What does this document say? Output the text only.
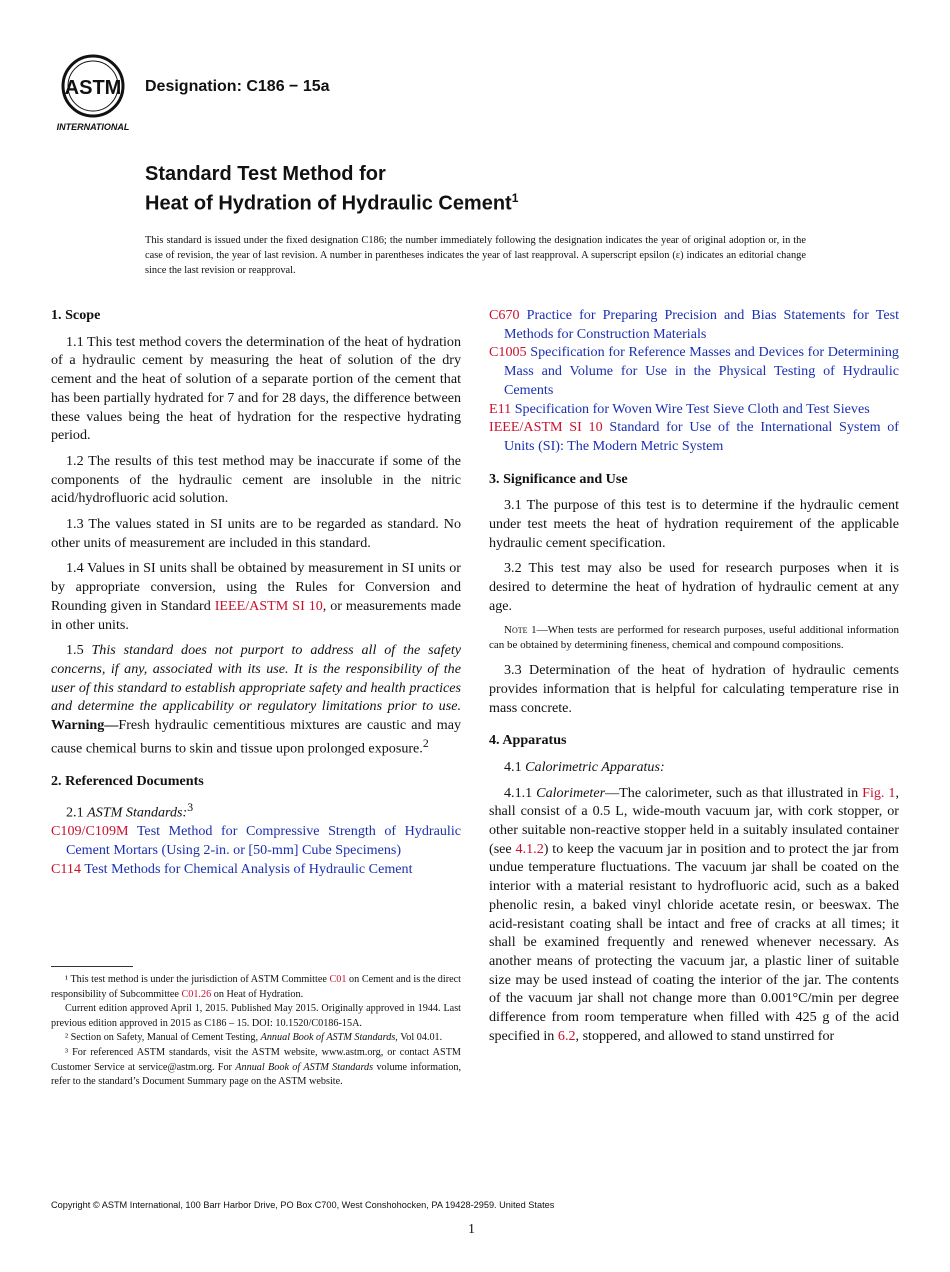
ASTM
INTERNATIONAL
Designation: C186 − 15a
Standard Test Method for
Heat of Hydration of Hydraulic Cement$^1$
This standard is issued under the fixed designation C186; the number immediately following the designation indicates the year of original adoption or, in the case of revision, the year of last revision. A number in parentheses indicates the year of last reapproval. A superscript epsilon (ε) indicates an editorial change since the last revision or reapproval.
1. Scope

1.1 This test method covers the determination of the heat of hydration of a hydraulic cement by measuring the heat of solution of the dry cement and the heat of solution of a separate portion of the cement that has been partially hydrated for 7 and for 28 days, the difference between these values being the heat of hydration for the respective hydrating period.

1.2 The results of this test method may be inaccurate if some of the components of the hydraulic cement are insoluble in the nitric acid/hydrofluoric acid solution.

1.3 The values stated in SI units are to be regarded as standard. No other units of measurement are included in this standard.

1.4 Values in SI units shall be obtained by measurement in SI units or by appropriate conversion, using the Rules for Conversion and Rounding given in Standard IEEE/ASTM SI 10, or measurements made in other units.

1.5 This standard does not purport to address all of the safety concerns, if any, associated with its use. It is the responsibility of the user of this standard to establish appropriate safety and health practices and determine the applicability or regulatory limitations prior to use. Warning—Fresh hydraulic cementitious mixtures are caustic and may cause chemical burns to skin and tissue upon prolonged exposure.$^2$

2. Referenced Documents

2.1 ASTM Standards:$^3$

C109/C109M Test Method for Compressive Strength of Hydraulic Cement Mortars (Using 2-in. or [50-mm] Cube Specimens)
C114 Test Methods for Chemical Analysis of Hydraulic Cement
C670 Practice for Preparing Precision and Bias Statements for Test Methods for Construction Materials
C1005 Specification for Reference Masses and Devices for Determining Mass and Volume for Use in the Physical Testing of Hydraulic Cements
E11 Specification for Woven Wire Test Sieve Cloth and Test Sieves
IEEE/ASTM SI 10 Standard for Use of the International System of Units (SI): The Modern Metric System
3. Significance and Use

3.1 The purpose of this test is to determine if the hydraulic cement under test meets the heat of hydration requirement of the applicable hydraulic cement specification.

3.2 This test may also be used for research purposes when it is desired to determine the heat of hydration of hydraulic cement at any age.

Note 1—When tests are performed for research purposes, useful additional information can be obtained by determining fineness, chemical and compound compositions.

3.3 Determination of the heat of hydration of hydraulic cements provides information that is helpful for calculating temperature rise in mass concrete.

4. Apparatus

4.1 Calorimetric Apparatus:

4.1.1 Calorimeter—The calorimeter, such as that illustrated in Fig. 1, shall consist of a 0.5 L, wide-mouth vacuum jar, with cork stopper, or other suitable non-reactive stopper held in a suitably insulated container (see 4.1.2) to keep the vacuum jar in position and to protect the jar from undue temperature fluctuations. The vacuum jar shall be coated on the interior with a material resistant to hydrofluoric acid, such as a baked phenolic resin, a baked vinyl chloride acetate resin, or beeswax. The acid-resistant coating shall be intact and free of cracks at all times; it shall be examined frequently and renewed whenever necessary. As another means of protecting the vacuum jar, a plastic liner of suitable size may be used instead of coating the interior of the jar. The contents of the vacuum jar shall not change more than 0.001°C/min per degree difference from room temperature when filled with 425 g of the acid specified in 6.2, stoppered, and allowed to stand unstirred for

¹ This test method is under the jurisdiction of ASTM Committee C01 on Cement and is the direct responsibility of Subcommittee C01.26 on Heat of Hydration.

Current edition approved April 1, 2015. Published May 2015. Originally approved in 1944. Last previous edition approved in 2015 as C186 – 15. DOI: 10.1520/C0186-15A.

² Section on Safety, Manual of Cement Testing, Annual Book of ASTM Standards, Vol 04.01.

³ For referenced ASTM standards, visit the ASTM website, www.astm.org, or contact ASTM Customer Service at service@astm.org. For Annual Book of ASTM Standards volume information, refer to the standard’s Document Summary page on the ASTM website.

Copyright © ASTM International, 100 Barr Harbor Drive, PO Box C700, West Conshohocken, PA 19428-2959. United States
1
